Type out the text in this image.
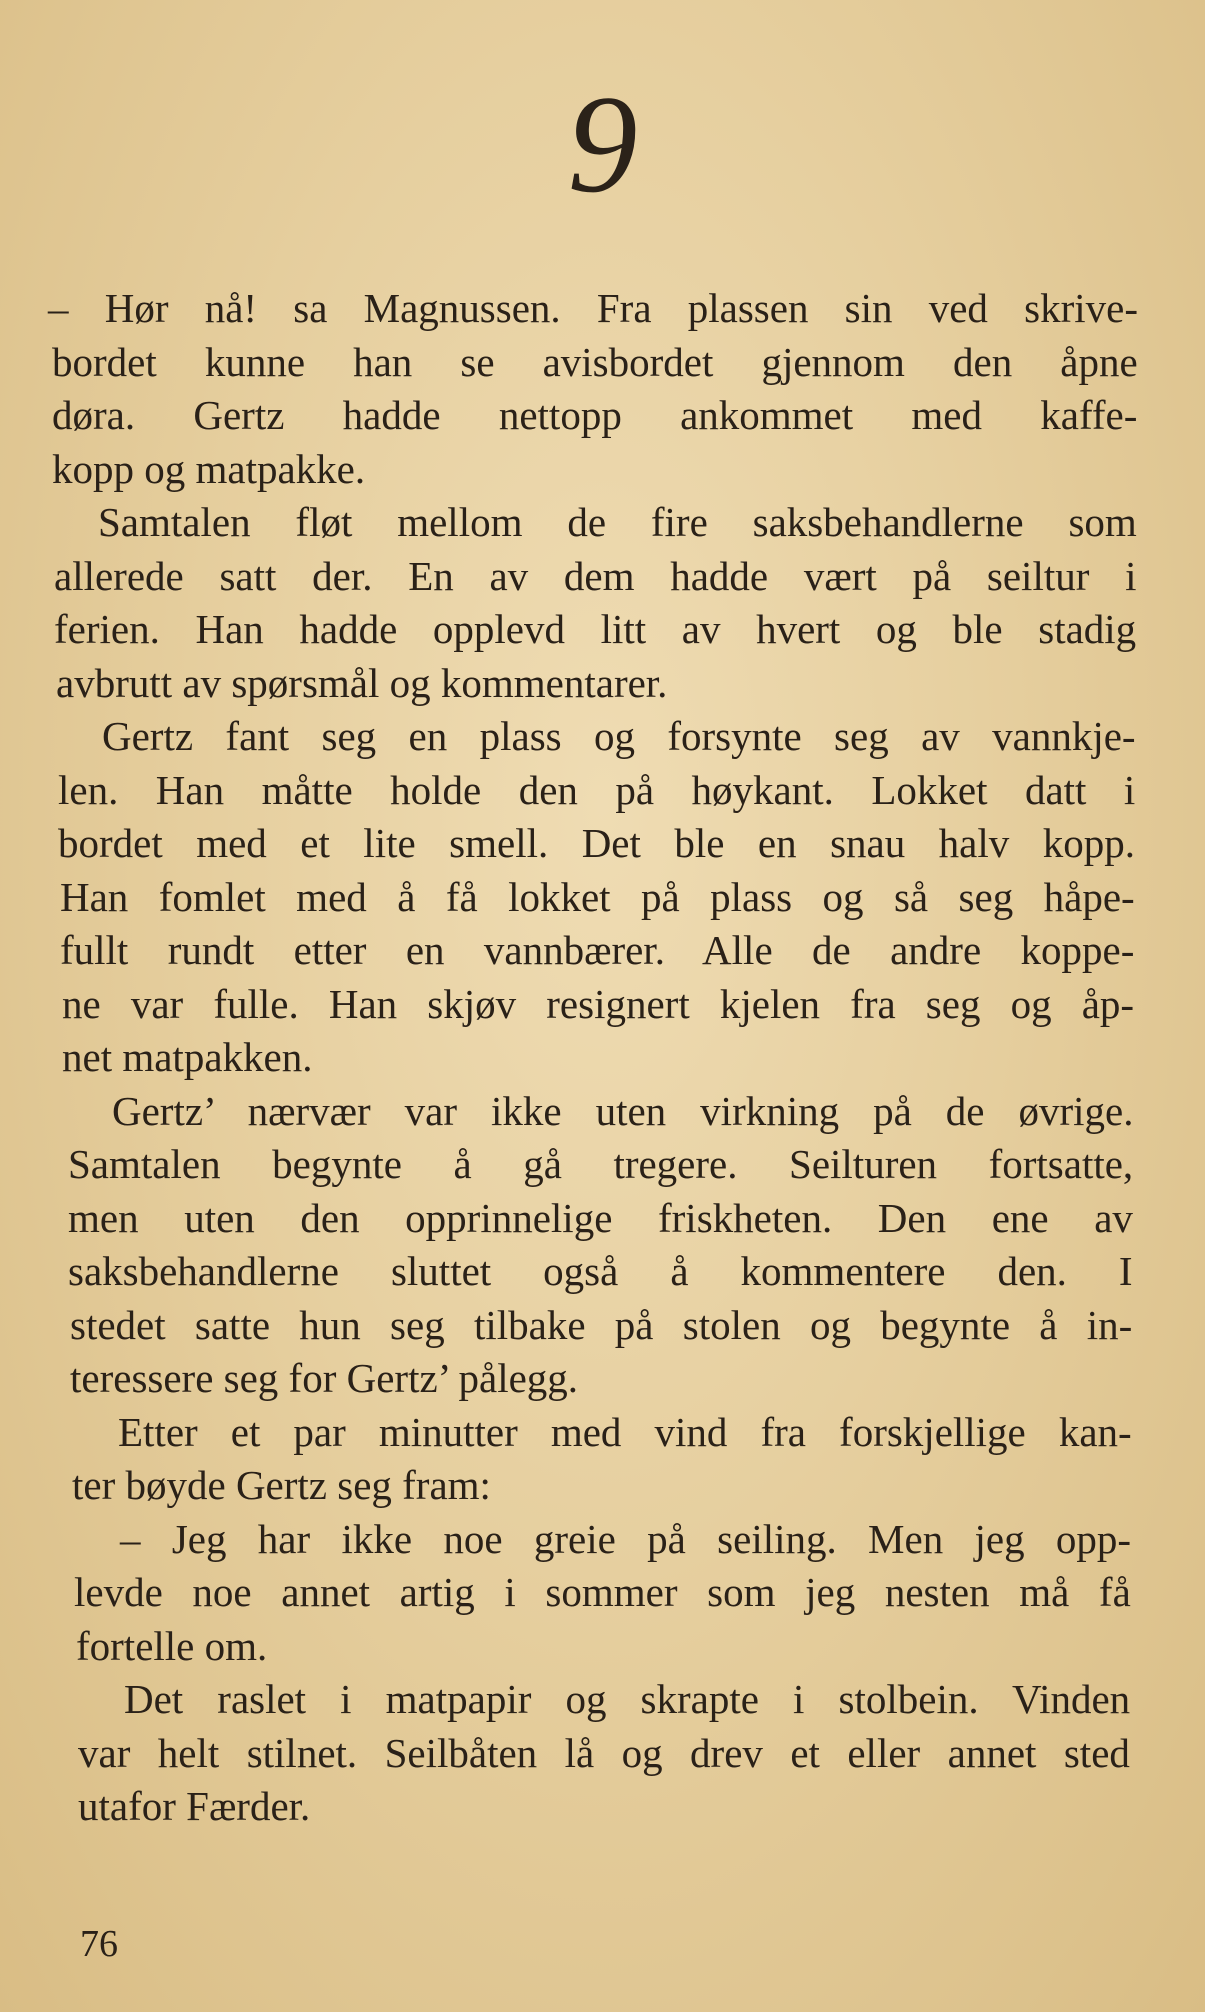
9
– Hør nå! sa Magnussen. Fra plassen sin ved skrive-
bordet kunne han se avisbordet gjennom den åpne
døra. Gertz hadde nettopp ankommet med kaffe-
kopp og matpakke.
Samtalen fløt mellom de fire saksbehandlerne som
allerede satt der. En av dem hadde vært på seiltur i
ferien. Han hadde opplevd litt av hvert og ble stadig
avbrutt av spørsmål og kommentarer.
Gertz fant seg en plass og forsynte seg av vannkje-
len. Han måtte holde den på høykant. Lokket datt i
bordet med et lite smell. Det ble en snau halv kopp.
Han fomlet med å få lokket på plass og så seg håpe-
fullt rundt etter en vannbærer. Alle de andre koppe-
ne var fulle. Han skjøv resignert kjelen fra seg og åp-
net matpakken.
Gertz’ nærvær var ikke uten virkning på de øvrige.
Samtalen begynte å gå tregere. Seilturen fortsatte,
men uten den opprinnelige friskheten. Den ene av
saksbehandlerne sluttet også å kommentere den. I
stedet satte hun seg tilbake på stolen og begynte å in-
teressere seg for Gertz’ pålegg.
Etter et par minutter med vind fra forskjellige kan-
ter bøyde Gertz seg fram:
– Jeg har ikke noe greie på seiling. Men jeg opp-
levde noe annet artig i sommer som jeg nesten må få
fortelle om.
Det raslet i matpapir og skrapte i stolbein. Vinden
var helt stilnet. Seilbåten lå og drev et eller annet sted
utafor Færder.
76
